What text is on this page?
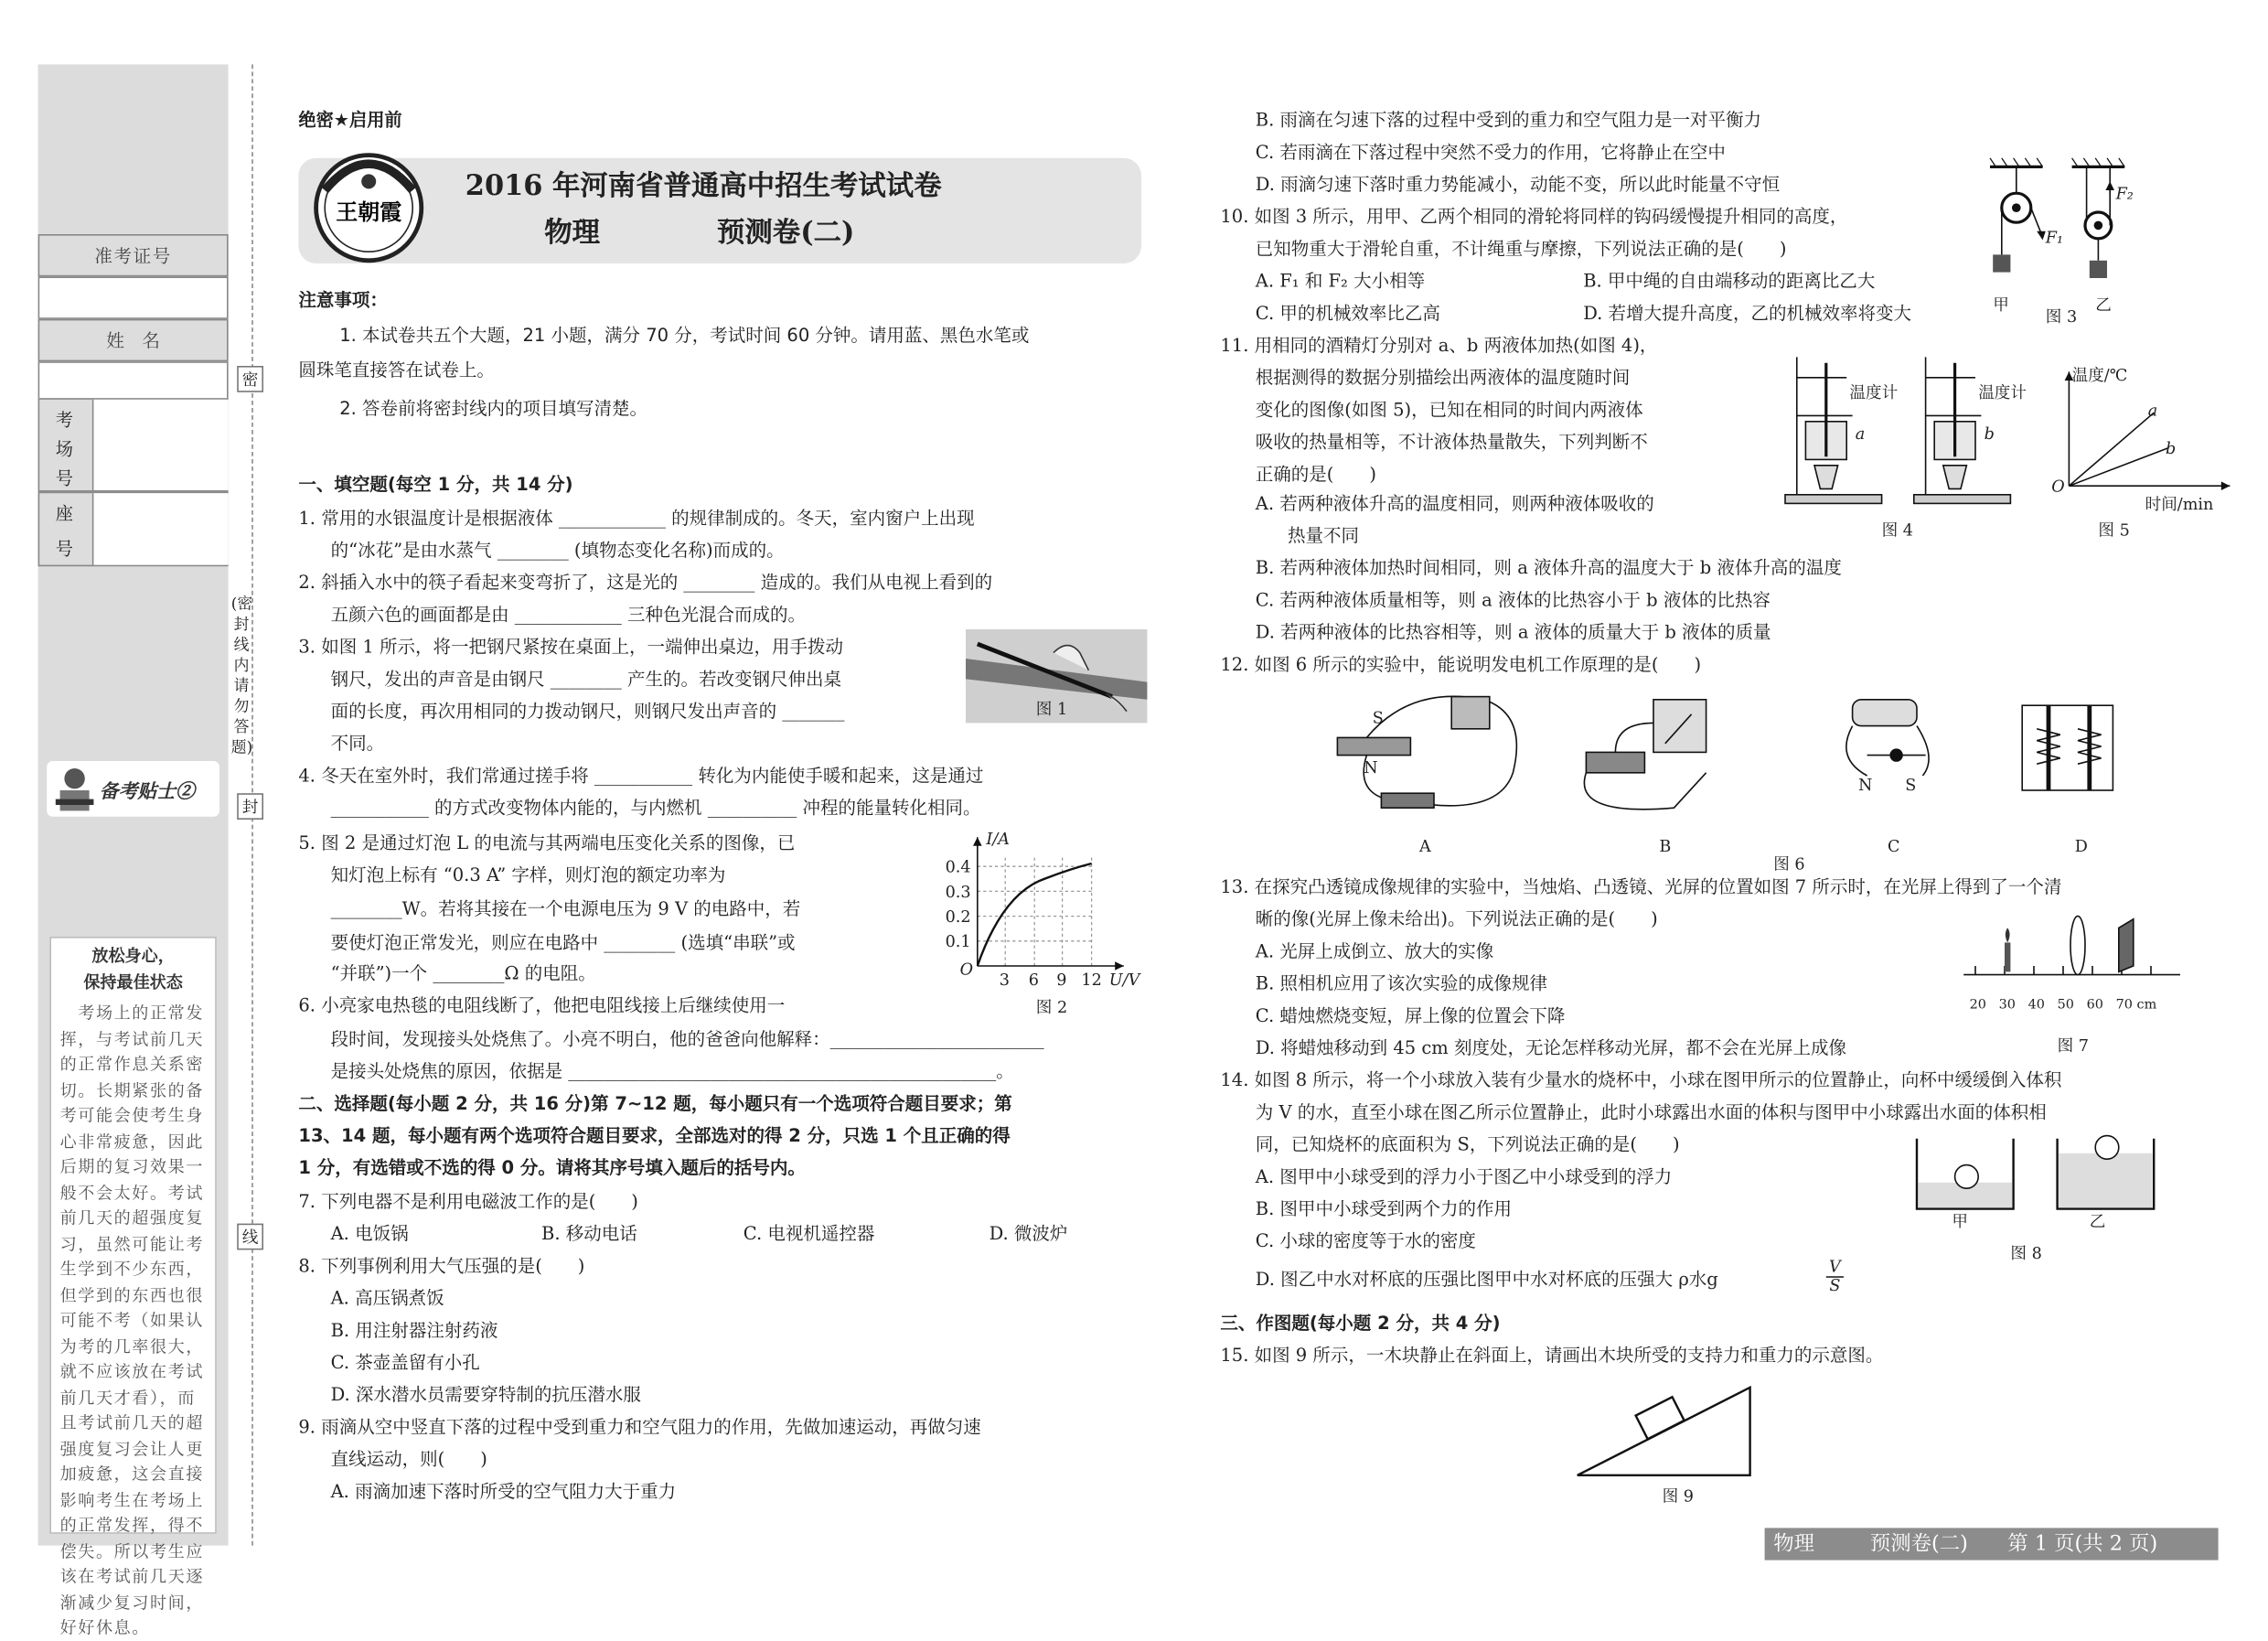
准考证号
姓　名
考场号
座号
备考贴士②
放松身心，
保持最佳状态
　考场上的正常发挥，与考试前几天的正常作息关系密切。长期紧张的备考可能会使考生身心非常疲惫，因此后期的复习效果一般不会太好。考试前几天的超强度复习，虽然可能让考生学到不少东西，但学到的东西也很可能不考（如果认为考的几率很大，就不应该放在考试前几天才看），而且考试前几天的超强度复习会让人更加疲惫，这会直接影响考生在考场上的正常发挥，得不偿失。所以考生应该在考试前几天逐渐减少复习时间，好好休息。
密
封
线
(密封线内请勿答题)
绝密★启用前
王朝霞
2016 年河南省普通高中招生考试试卷
物理	预测卷(二)
注意事项：
1. 本试卷共五个大题，21 小题，满分 70 分，考试时间 60 分钟。请用蓝、黑色水笔或
圆珠笔直接答在试卷上。
2. 答卷前将密封线内的项目填写清楚。
一、填空题(每空 1 分，共 14 分)
1. 常用的水银温度计是根据液体 ____________ 的规律制成的。冬天，室内窗户上出现
的“冰花”是由水蒸气 ________ (填物态变化名称)而成的。
2. 斜插入水中的筷子看起来变弯折了，这是光的 ________ 造成的。我们从电视上看到的
五颜六色的画面都是由 ____________ 三种色光混合而成的。
3. 如图 1 所示，将一把钢尺紧按在桌面上，一端伸出桌边，用手拨动
钢尺，发出的声音是由钢尺 ________ 产生的。若改变钢尺伸出桌
面的长度，再次用相同的力拨动钢尺，则钢尺发出声音的 _______
不同。
图 1
4. 冬天在室外时，我们常通过搓手将 ___________ 转化为内能使手暖和起来，这是通过
___________ 的方式改变物体内能的，与内燃机 __________ 冲程的能量转化相同。
5. 图 2 是通过灯泡 L 的电流与其两端电压变化关系的图像，已
知灯泡上标有 “0.3 A” 字样，则灯泡的额定功率为
________W。若将其接在一个电源电压为 9 V 的电路中，若
要使灯泡正常发光，则应在电路中 ________ (选填“串联”或
“并联”)一个 ________Ω 的电阻。
I/A
0.4
0.3
0.2
0.1
O
3 6 9 12 U/V
图 2
6. 小亮家电热毯的电阻线断了，他把电阻线接上后继续使用一
段时间，发现接头处烧焦了。小亮不明白，他的爸爸向他解释：________________________
是接头处烧焦的原因，依据是 ________________________________________________。
二、选择题(每小题 2 分，共 16 分)第 7~12 题，每小题只有一个选项符合题目要求；第
13、14 题，每小题有两个选项符合题目要求，全部选对的得 2 分，只选 1 个且正确的得
1 分，有选错或不选的得 0 分。请将其序号填入题后的括号内。
7. 下列电器不是利用电磁波工作的是(　　)
A. 电饭锅	B. 移动电话	C. 电视机遥控器	D. 微波炉
8. 下列事例利用大气压强的是(　　)
A. 高压锅煮饭
B. 用注射器注射药液
C. 茶壶盖留有小孔
D. 深水潜水员需要穿特制的抗压潜水服
9. 雨滴从空中竖直下落的过程中受到重力和空气阻力的作用，先做加速运动，再做匀速
直线运动，则(　　)
A. 雨滴加速下落时所受的空气阻力大于重力
B. 雨滴在匀速下落的过程中受到的重力和空气阻力是一对平衡力
C. 若雨滴在下落过程中突然不受力的作用，它将静止在空中
D. 雨滴匀速下落时重力势能减小，动能不变，所以此时能量不守恒
10. 如图 3 所示，用甲、乙两个相同的滑轮将同样的钩码缓慢提升相同的高度，
已知物重大于滑轮自重，不计绳重与摩擦，下列说法正确的是(　　)
A. F₁ 和 F₂ 大小相等	B. 甲中绳的自由端移动的距离比乙大
C. 甲的机械效率比乙高	D. 若增大提升高度，乙的机械效率将变大
F₁
F₂
甲	乙
图 3
11. 用相同的酒精灯分别对 a、b 两液体加热(如图 4)，
根据测得的数据分别描绘出两液体的温度随时间
变化的图像(如图 5)，已知在相同的时间内两液体
吸收的热量相等，不计液体热量散失，下列判断不
正确的是(　　)
A. 若两种液体升高的温度相同，则两种液体吸收的
热量不同
B. 若两种液体加热时间相同，则 a 液体升高的温度大于 b 液体升高的温度
C. 若两种液体质量相等，则 a 液体的比热容小于 b 液体的比热容
D. 若两种液体的比热容相等，则 a 液体的质量大于 b 液体的质量
温度计	温度计
a	b
图 4
温度/℃
a
b
O
时间/min
图 5
12. 如图 6 所示的实验中，能说明发电机工作原理的是(　　)
S
N
N	S
A	B	C	D
图 6
13. 在探究凸透镜成像规律的实验中，当烛焰、凸透镜、光屏的位置如图 7 所示时，在光屏上得到了一个清
晰的像(光屏上像未给出)。下列说法正确的是(　　)
A. 光屏上成倒立、放大的实像
B. 照相机应用了该次实验的成像规律
C. 蜡烛燃烧变短，屏上像的位置会下降
D. 将蜡烛移动到 45 cm 刻度处，无论怎样移动光屏，都不会在光屏上成像
20 30 40 50 60 70 cm
图 7
14. 如图 8 所示，将一个小球放入装有少量水的烧杯中，小球在图甲所示的位置静止，向杯中缓缓倒入体积
为 V 的水，直至小球在图乙所示位置静止，此时小球露出水面的体积与图甲中小球露出水面的体积相
同，已知烧杯的底面积为 S，下列说法正确的是(　　)
A. 图甲中小球受到的浮力小于图乙中小球受到的浮力
B. 图甲中小球受到两个力的作用
C. 小球的密度等于水的密度
D. 图乙中水对杯底的压强比图甲中水对杯底的压强大 ρ水g	$\frac{V}{S}$
甲	乙
图 8
三、作图题(每小题 2 分，共 4 分)
15. 如图 9 所示，一木块静止在斜面上，请画出木块所受的支持力和重力的示意图。
图 9
物理	预测卷(二)	第 1 页(共 2 页)
